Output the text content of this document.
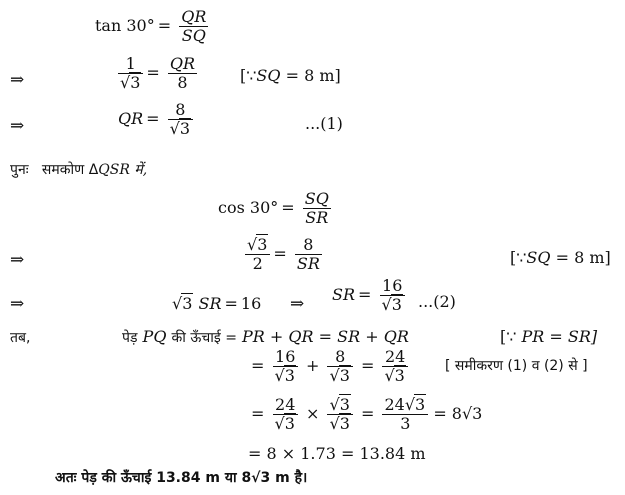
$\tan 30^\circ = \frac{QR}{SQ}$
⇒	$\frac{1}{√3} = \frac{QR}{8}$	[∵SQ = 8 m]
⇒	QR = $\frac{8}{√3}$	...(1)
पुनः समकोण ΔQSR में,
$\cos 30^\circ = \frac{SQ}{SR}$
⇒	$\frac{√3}{2} = \frac{8}{SR}$	[∵SQ = 8 m]
⇒	√3 SR = 16 ⇒ SR = $\frac{16}{√3} ...(2)$
तब,	पेड़ PQ की ऊँचाई = PR + QR = SR + QR	[∵ PR = SR]
= $\frac{16}{√3} + \frac{8}{√3} = \frac{24}{√3}$	[ समीकरण (1) व (2) से ]
= $\frac{24}{√3} \times \frac{√3}{√3} = \frac{24√3}{3} = 8√3$
= 8 × 1.73 = 13.84 m
अतः पेड़ की ऊँचाई 13.84 m या 8√3 m है।
